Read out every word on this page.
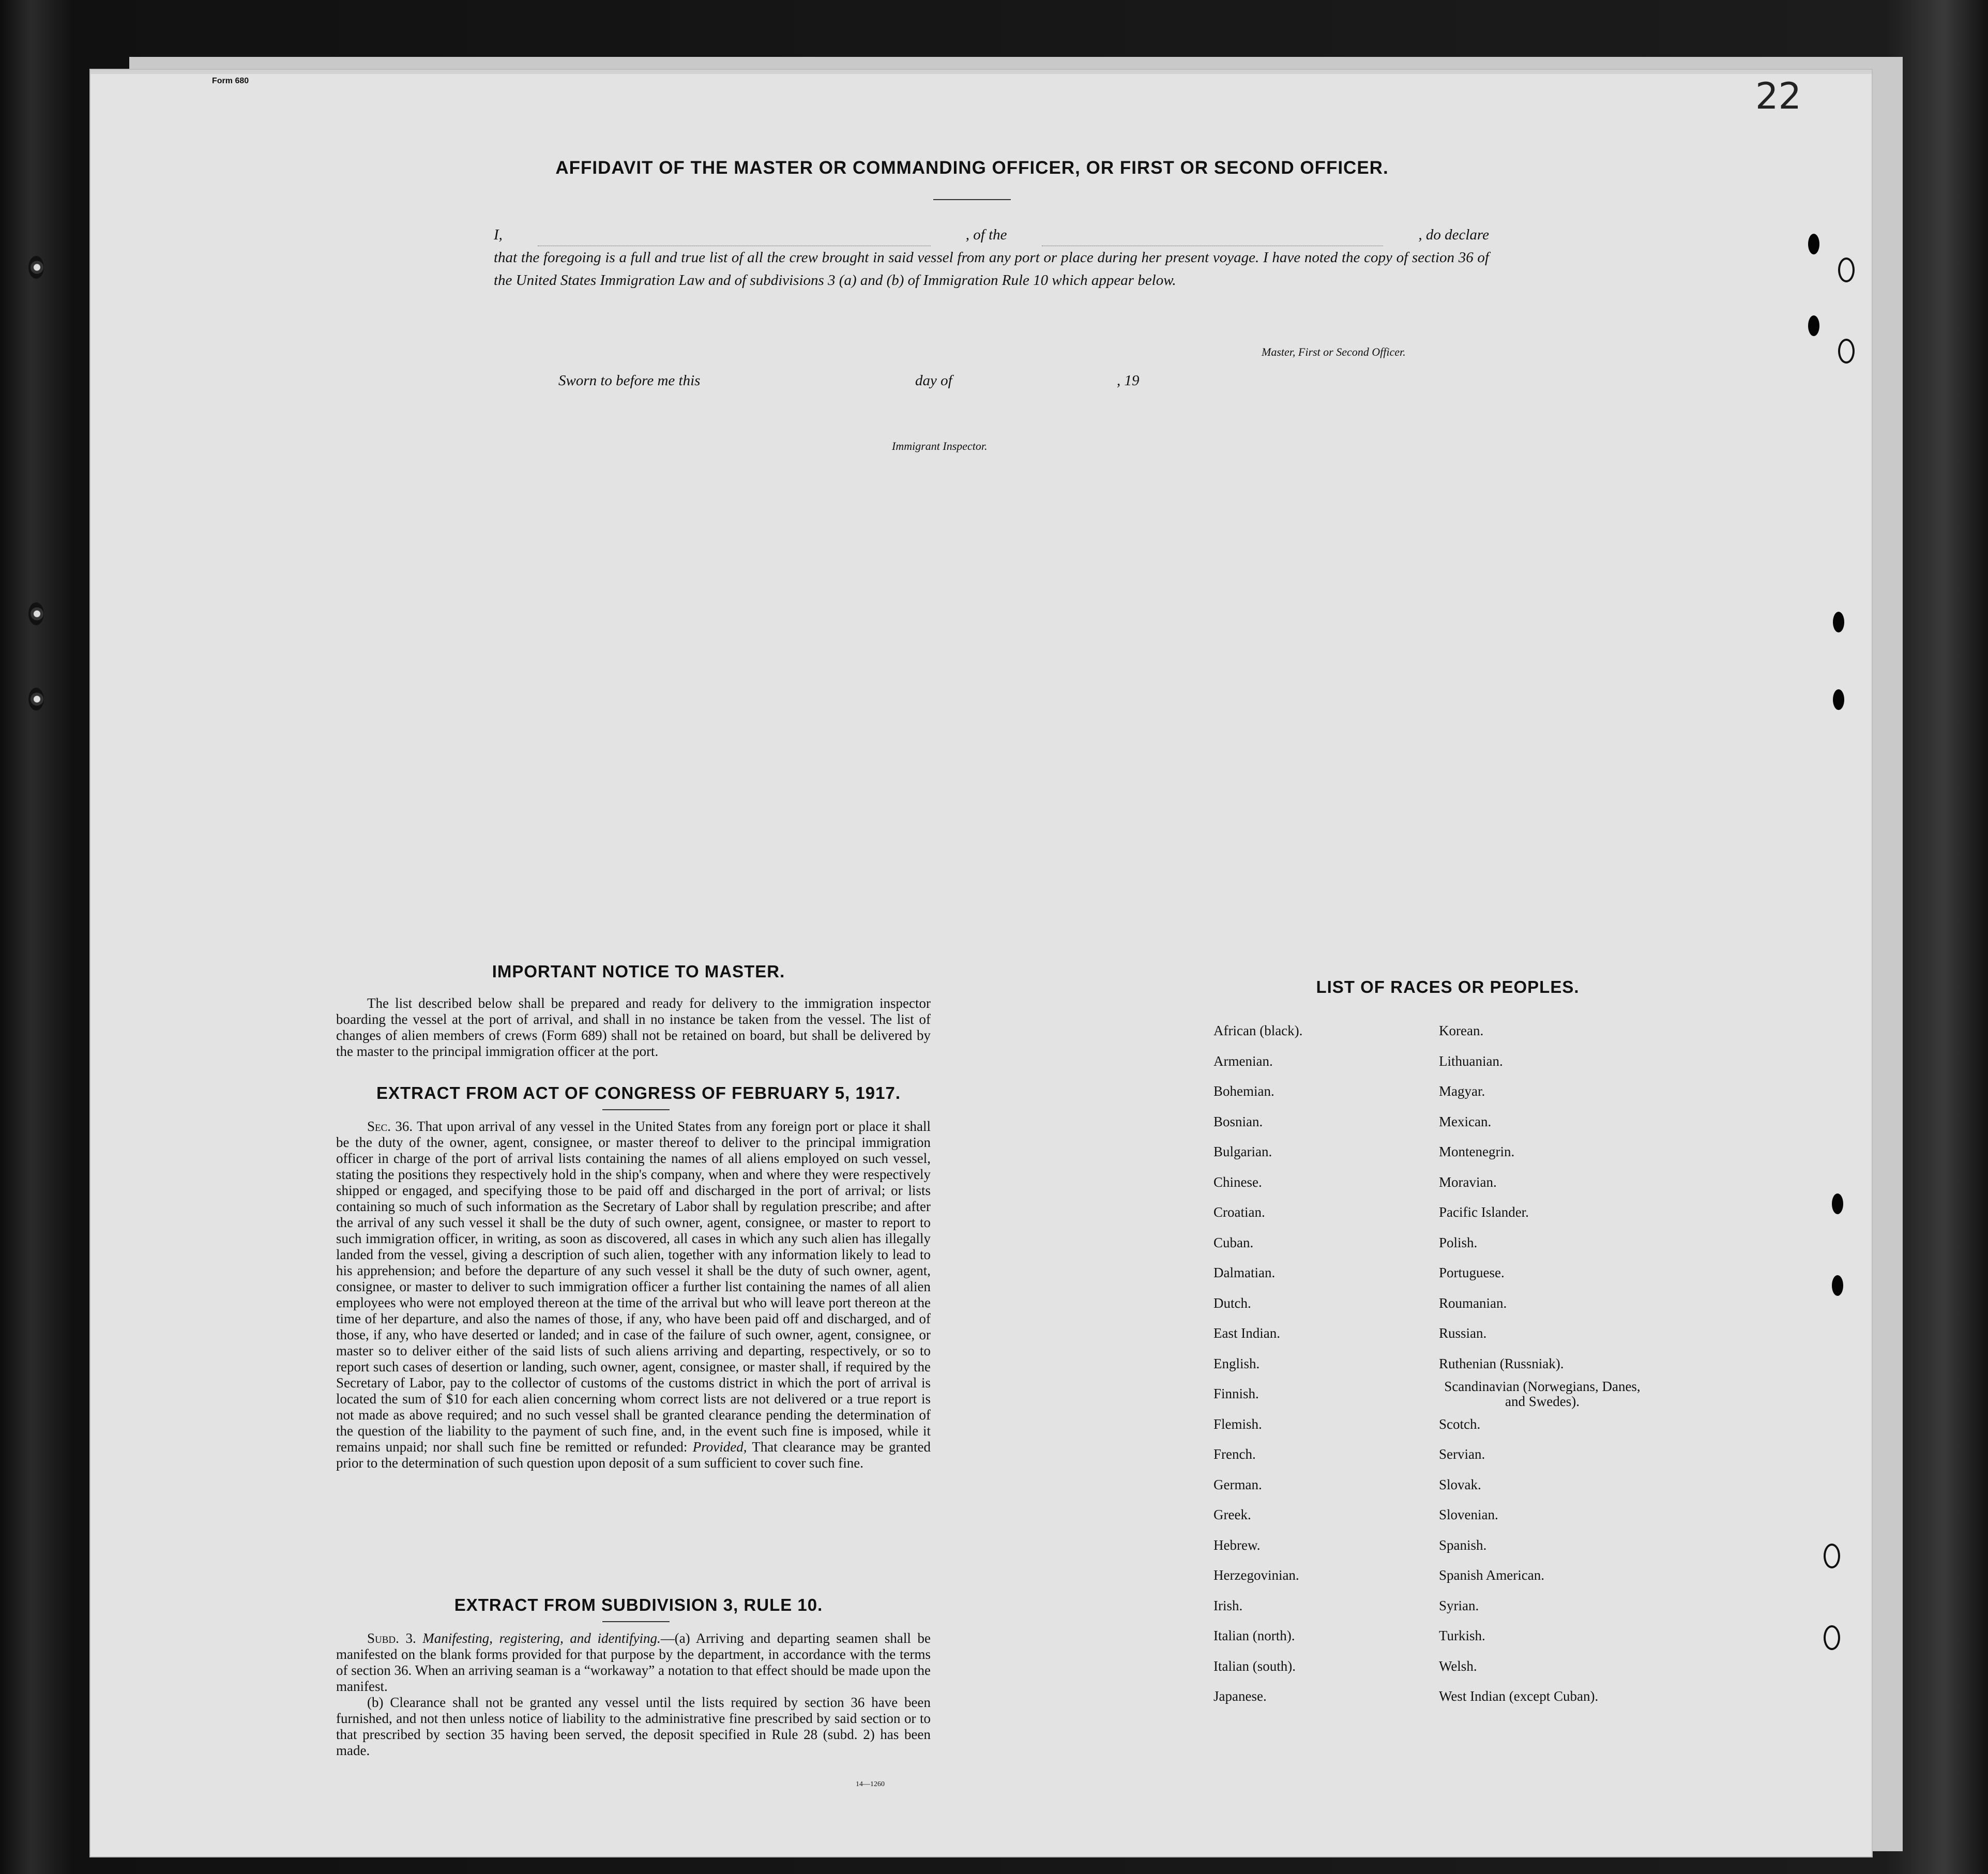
Form 680	22
AFFIDAVIT OF THE MASTER OR COMMANDING OFFICER, OR FIRST OR SECOND OFFICER.
I,	, of the	, do declare

that the foregoing is a full and true list of all the crew brought in said vessel from any port or place during her present voyage. I have noted the copy of section 36 of the United States Immigration Law and of subdivisions 3 (a) and (b) of Immigration Rule 10 which appear below.

Master, First or Second Officer.
Sworn to before me this	day of	, 19
Immigrant Inspector.
IMPORTANT NOTICE TO MASTER.
The list described below shall be prepared and ready for delivery to the immigration inspector boarding the vessel at the port of arrival, and shall in no instance be taken from the vessel. The list of changes of alien members of crews (Form 689) shall not be retained on board, but shall be delivered by the master to the principal immigration officer at the port.
EXTRACT FROM ACT OF CONGRESS OF FEBRUARY 5, 1917.
Sec. 36. That upon arrival of any vessel in the United States from any foreign port or place it shall be the duty of the owner, agent, consignee, or master thereof to deliver to the principal immigration officer in charge of the port of arrival lists containing the names of all aliens employed on such vessel, stating the positions they respectively hold in the ship's company, when and where they were respectively shipped or engaged, and specifying those to be paid off and discharged in the port of arrival; or lists containing so much of such information as the Secretary of Labor shall by regulation prescribe; and after the arrival of any such vessel it shall be the duty of such owner, agent, consignee, or master to report to such immigration officer, in writing, as soon as discovered, all cases in which any such alien has illegally landed from the vessel, giving a description of such alien, together with any information likely to lead to his apprehension; and before the departure of any such vessel it shall be the duty of such owner, agent, consignee, or master to deliver to such immigration officer a further list containing the names of all alien employees who were not employed thereon at the time of the arrival but who will leave port thereon at the time of her departure, and also the names of those, if any, who have been paid off and discharged, and of those, if any, who have deserted or landed; and in case of the failure of such owner, agent, consignee, or master so to deliver either of the said lists of such aliens arriving and departing, respectively, or so to report such cases of desertion or landing, such owner, agent, consignee, or master shall, if required by the Secretary of Labor, pay to the collector of customs of the customs district in which the port of arrival is located the sum of $10 for each alien concerning whom correct lists are not delivered or a true report is not made as above required; and no such vessel shall be granted clearance pending the determination of the question of the liability to the payment of such fine, and, in the event such fine is imposed, while it remains unpaid; nor shall such fine be remitted or refunded: Provided, That clearance may be granted prior to the determination of such question upon deposit of a sum sufficient to cover such fine.
EXTRACT FROM SUBDIVISION 3, RULE 10.

Subd. 3. Manifesting, registering, and identifying.—(a) Arriving and departing seamen shall be manifested on the blank forms provided for that purpose by the department, in accordance with the terms of section 36. When an arriving seaman is a “workaway” a notation to that effect should be made upon the manifest.

(b) Clearance shall not be granted any vessel until the lists required by section 36 have been furnished, and not then unless notice of liability to the administrative fine prescribed by said section or to that prescribed by section 35 having been served, the deposit specified in Rule 28 (subd. 2) has been made.

14—1260
LIST OF RACES OR PEOPLES.
African (black).
Armenian.
Bohemian.
Bosnian.
Bulgarian.
Chinese.
Croatian.
Cuban.
Dalmatian.
Dutch.
East Indian.
English.
Finnish.
Flemish.
French.
German.
Greek.
Hebrew.
Herzegovinian.
Irish.
Italian (north).
Italian (south).
Japanese.
Korean.
Lithuanian.
Magyar.
Mexican.
Montenegrin.
Moravian.
Pacific Islander.
Polish.
Portuguese.
Roumanian.
Russian.
Ruthenian (Russniak).
Scandinavian (Norwegians, Danes, and Swedes).
Scotch.
Servian.
Slovak.
Slovenian.
Spanish.
Spanish American.
Syrian.
Turkish.
Welsh.
West Indian (except Cuban).
